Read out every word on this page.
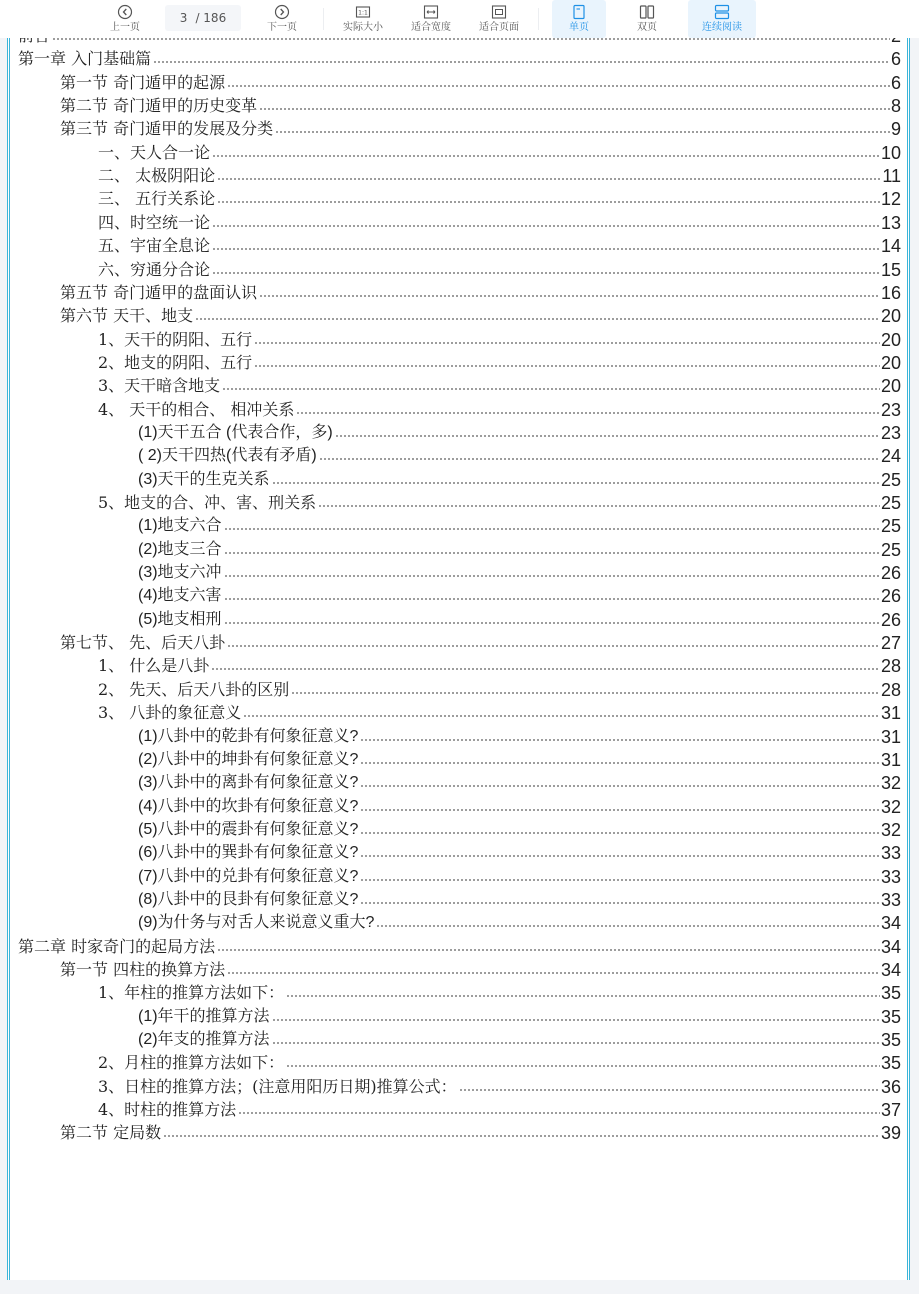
上一页
3 / 186
下一页
1:1
实际大小	适合宽度	适合页面	单页	双页	连续阅读
第一章 入门基础篇	6
第一节 奇门遁甲的起源	6
第二节 奇门遁甲的历史变革	8
第三节 奇门遁甲的发展及分类	9
一、天人合一论	10
二、 太极阴阳论	11
三、 五行关系论	12
四、时空统一论	13
五、宇宙全息论	14
六、穷通分合论	15
第五节 奇门遁甲的盘面认识	16
第六节 天干、地支	20
1、天干的阴阳、五行	20
2、地支的阴阳、五行	20
3、天干暗含地支	20
4、 天干的相合、 相冲关系	23
(1)天干五合 (代表合作，多)	23
( 2)天干四热(代表有矛盾)	24
(3)天干的生克关系	25
5、地支的合、冲、害、刑关系	25
(1)地支六合	25
(2)地支三合	25
(3)地支六冲	26
(4)地支六害	26
(5)地支相刑	26
第七节、 先、后天八卦	27
1、 什么是八卦	28
2、 先天、后天八卦的区别	28
3、 八卦的象征意义	31
(1)八卦中的乾卦有何象征意义?	31
(2)八卦中的坤卦有何象征意义?	31
(3)八卦中的离卦有何象征意义?	32
(4)八卦中的坎卦有何象征意义?	32
(5)八卦中的震卦有何象征意义?	32
(6)八卦中的巽卦有何象征意义?	33
(7)八卦中的兑卦有何象征意义?	33
(8)八卦中的艮卦有何象征意义?	33
(9)为什务与对舌人来说意义重大?	34
第二章 时家奇门的起局方法	34
第一节 四柱的换算方法	34
1、年柱的推算方法如下：	35
(1)年干的推算方法	35
(2)年支的推算方法	35
2、月柱的推算方法如下：	35
3、日柱的推算方法；(注意用阳历日期)推算公式：	36
4、时柱的推算方法	37
第二节 定局数	39
